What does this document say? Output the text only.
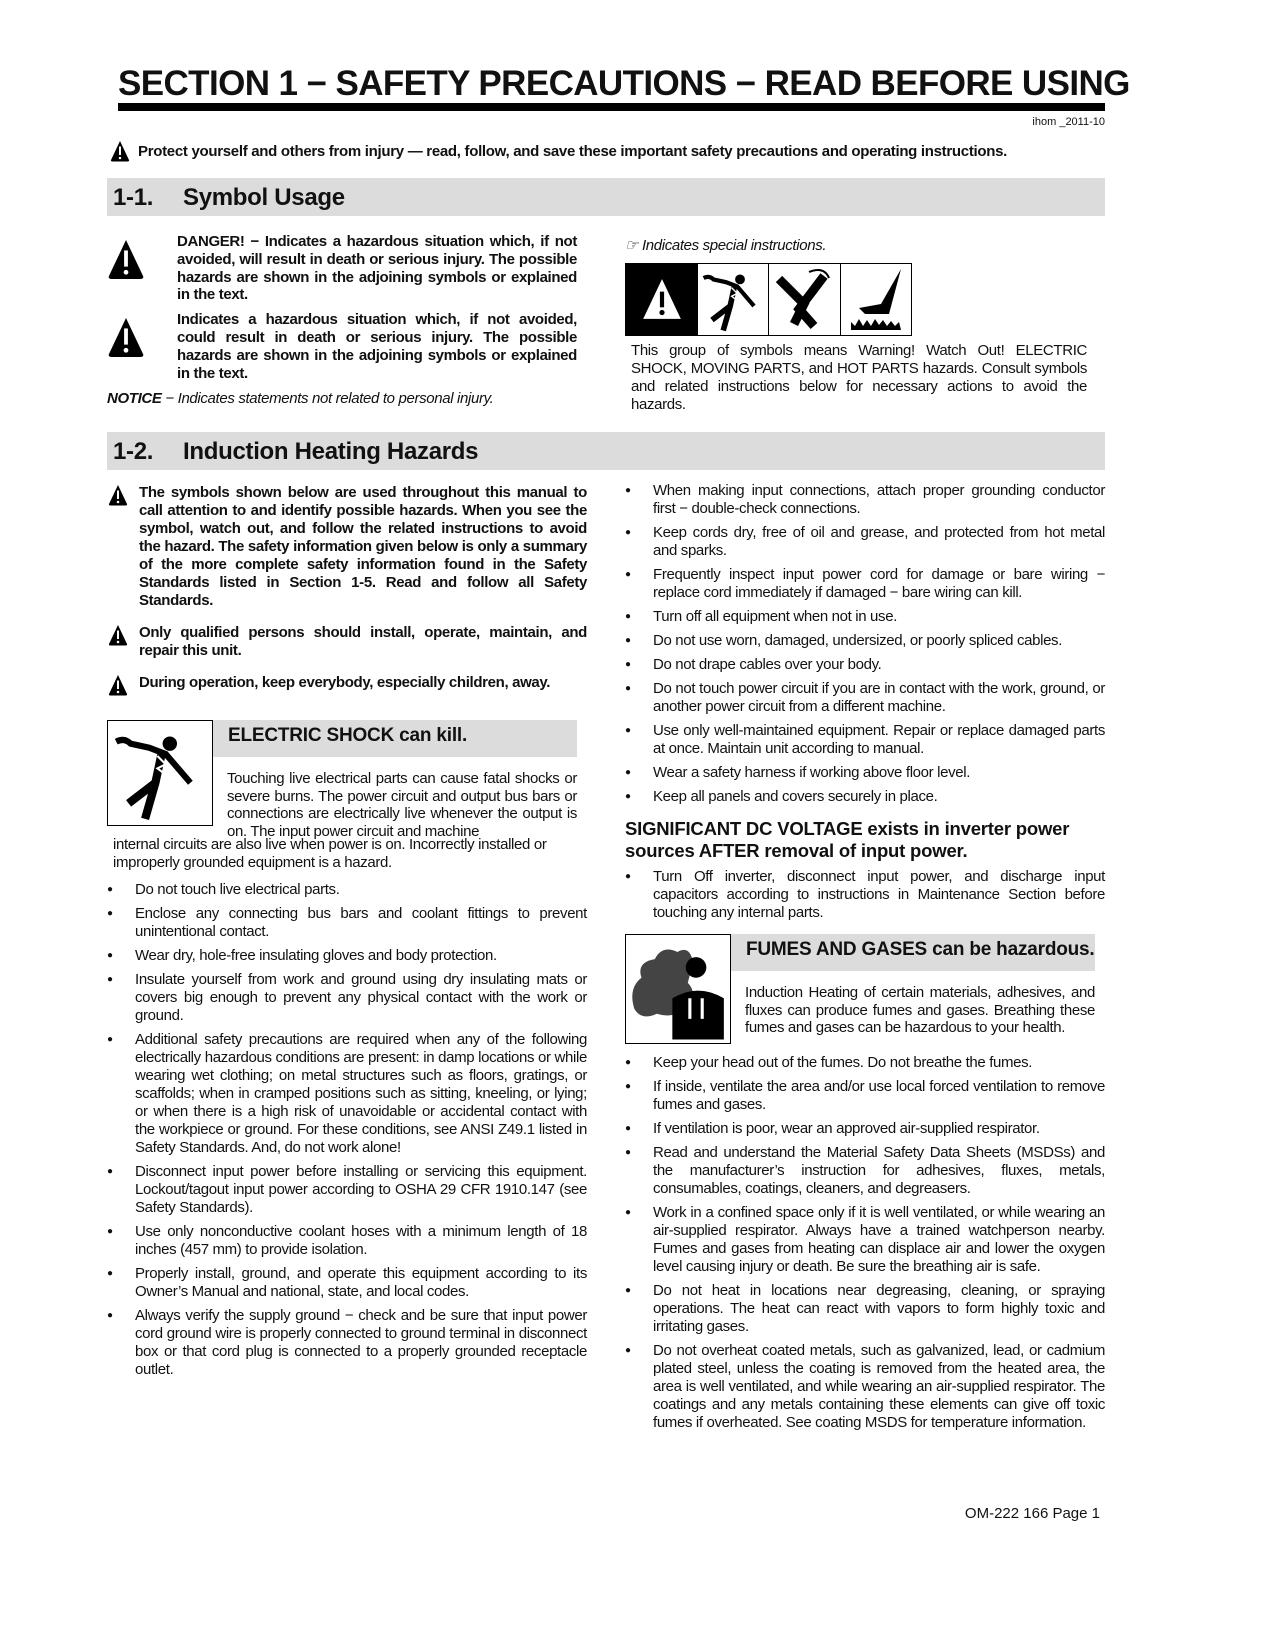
SECTION 1 − SAFETY PRECAUTIONS − READ BEFORE USING
ihom _2011-10
Protect yourself and others from injury — read, follow, and save these important safety precautions and operating instructions.
1-1. Symbol Usage
DANGER! − Indicates a hazardous situation which, if not avoided, will result in death or serious injury. The possible hazards are shown in the adjoining symbols or explained in the text.
Indicates a hazardous situation which, if not avoided, could result in death or serious injury. The possible hazards are shown in the adjoining symbols or explained in the text.
NOTICE − Indicates statements not related to personal injury.
☞ Indicates special instructions.
This group of symbols means Warning! Watch Out! ELECTRIC SHOCK, MOVING PARTS, and HOT PARTS hazards. Consult symbols and related instructions below for necessary actions to avoid the hazards.
1-2. Induction Heating Hazards
The symbols shown below are used throughout this manual to call attention to and identify possible hazards. When you see the symbol, watch out, and follow the related instructions to avoid the hazard. The safety information given below is only a summary of the more complete safety information found in the Safety Standards listed in Section 1-5. Read and follow all Safety Standards.
Only qualified persons should install, operate, maintain, and repair this unit.
During operation, keep everybody, especially children, away.
ELECTRIC SHOCK can kill.
Touching live electrical parts can cause fatal shocks or severe burns. The power circuit and output bus bars or connections are electrically live whenever the output is on. The input power circuit and machine
internal circuits are also live when power is on. Incorrectly installed or improperly grounded equipment is a hazard.
● Do not touch live electrical parts.
● Enclose any connecting bus bars and coolant fittings to prevent unintentional contact.
● Wear dry, hole-free insulating gloves and body protection.
● Insulate yourself from work and ground using dry insulating mats or covers big enough to prevent any physical contact with the work or ground.
● Additional safety precautions are required when any of the following electrically hazardous conditions are present: in damp locations or while wearing wet clothing; on metal structures such as floors, gratings, or scaffolds; when in cramped positions such as sitting, kneeling, or lying; or when there is a high risk of unavoidable or accidental contact with the workpiece or ground. For these conditions, see ANSI Z49.1 listed in Safety Standards. And, do not work alone!
● Disconnect input power before installing or servicing this equipment. Lockout/tagout input power according to OSHA 29 CFR 1910.147 (see Safety Standards).
● Use only nonconductive coolant hoses with a minimum length of 18 inches (457 mm) to provide isolation.
● Properly install, ground, and operate this equipment according to its Owner’s Manual and national, state, and local codes.
● Always verify the supply ground − check and be sure that input power cord ground wire is properly connected to ground terminal in disconnect box or that cord plug is connected to a properly grounded receptacle outlet.
● When making input connections, attach proper grounding conductor first − double-check connections.
● Keep cords dry, free of oil and grease, and protected from hot metal and sparks.
● Frequently inspect input power cord for damage or bare wiring − replace cord immediately if damaged − bare wiring can kill.
● Turn off all equipment when not in use.
● Do not use worn, damaged, undersized, or poorly spliced cables.
● Do not drape cables over your body.
● Do not touch power circuit if you are in contact with the work, ground, or another power circuit from a different machine.
● Use only well-maintained equipment. Repair or replace damaged parts at once. Maintain unit according to manual.
● Wear a safety harness if working above floor level.
● Keep all panels and covers securely in place.
SIGNIFICANT DC VOLTAGE exists in inverter power sources AFTER removal of input power.
● Turn Off inverter, disconnect input power, and discharge input capacitors according to instructions in Maintenance Section before touching any internal parts.
FUMES AND GASES can be hazardous.
Induction Heating of certain materials, adhesives, and fluxes can produce fumes and gases. Breathing these fumes and gases can be hazardous to your health.
● Keep your head out of the fumes. Do not breathe the fumes.
● If inside, ventilate the area and/or use local forced ventilation to remove fumes and gases.
● If ventilation is poor, wear an approved air-supplied respirator.
● Read and understand the Material Safety Data Sheets (MSDSs) and the manufacturer’s instruction for adhesives, fluxes, metals, consumables, coatings, cleaners, and degreasers.
● Work in a confined space only if it is well ventilated, or while wearing an air-supplied respirator. Always have a trained watchperson nearby. Fumes and gases from heating can displace air and lower the oxygen level causing injury or death. Be sure the breathing air is safe.
● Do not heat in locations near degreasing, cleaning, or spraying operations. The heat can react with vapors to form highly toxic and irritating gases.
● Do not overheat coated metals, such as galvanized, lead, or cadmium plated steel, unless the coating is removed from the heated area, the area is well ventilated, and while wearing an air-supplied respirator. The coatings and any metals containing these elements can give off toxic fumes if overheated. See coating MSDS for temperature information.
OM-222 166 Page 1
